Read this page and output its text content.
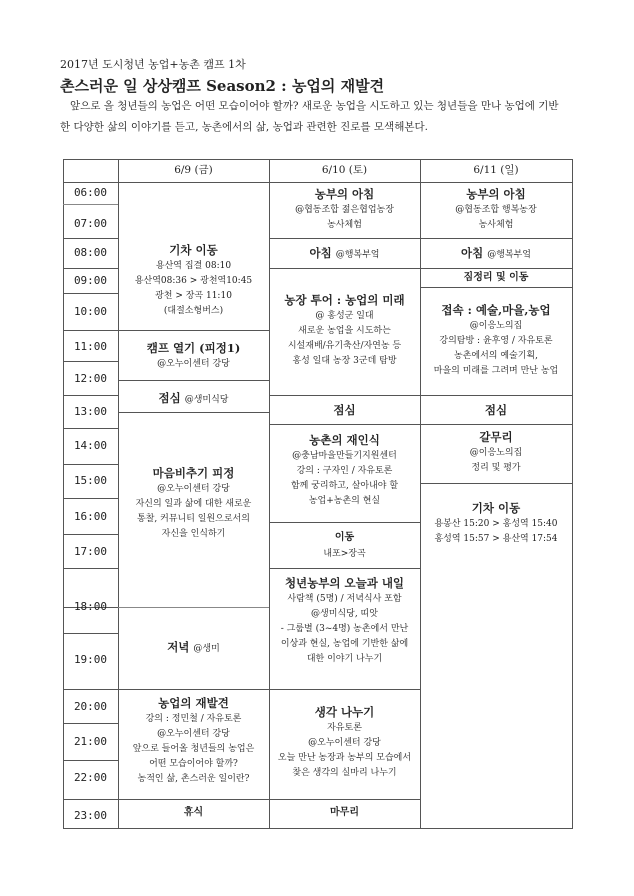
2017년 도시청년 농업+농촌 캠프 1차
촌스러운 일 상상캠프 Season2 : 농업의 재발견

앞으로 올 청년들의 농업은 어떤 모습이어야 할까? 새로운 농업을 시도하고 있는 청년들을 만나 농업에 기반

한 다양한 삶의 이야기를 듣고, 농촌에서의 삶, 농업과 관련한 진로를 모색해본다.
6/9 (금)	6/10 (토)	6/11 (일)
06:00
07:00
08:00
09:00
10:00
11:00
12:00
13:00
14:00
15:00
16:00
17:00
18:00
19:00
20:00
21:00
22:00
23:00
기차 이동
용산역 집결 08:10
용산역08:36 > 광천역10:45
광천 > 장곡 11:10
(대절소형버스)
캠프 열기 (피정1)
@오누이센터 강당
점심 @생미식당
마음비추기 피정
@오누이센터 강당
자신의 일과 삶에 대한 새로운
통찰, 커뮤니티 일원으로서의
자신을 인식하기
저녁 @생미
농업의 재발견
강의 : 정민철 / 자유토론
@오누이센터 강당
앞으로 들어올 청년들의 농업은
어떤 모습이어야 할까?
농적인 삶, 촌스러운 일이란?
휴식
농부의 아침
@협동조합 젊은협업농장
농사체험
아침 @행복부엌
농장 투어 : 농업의 미래
@ 홍성군 일대
새로운 농업을 시도하는
시설재배/유기축산/자연농 등
홍성 일대 농장 3군데 탐방
점심
농촌의 재인식
@충남마을만들기지원센터
강의 : 구자인 / 자유토론
함께 궁리하고, 살아내야 할
농업+농촌의 현실
이동
내포>장곡
청년농부의 오늘과 내일
사람책 (5명) / 저녁식사 포함
@생미식당, 띠앗
- 그룹별 (3~4명) 농촌에서 만난
이상과 현실, 농업에 기반한 삶에
대한 이야기 나누기
생각 나누기
자유토론
@오누이센터 강당
오늘 만난 농장과 농부의 모습에서
찾은 생각의 실마리 나누기
마무리
농부의 아침
@협동조합 행복농장
농사체험
아침 @행복부엌
짐정리 및 이동
접속 : 예술,마을,농업
@이응노의집
강의탐방 : 윤후영 / 자유토론
농촌에서의 예술기획,
마을의 미래를 그려며 만난 농업
점심
갈무리
@이응노의집
정리 및 평가
기차 이동
용봉산 15:20 > 홍성역 15:40
홍성역 15:57 > 용산역 17:54
